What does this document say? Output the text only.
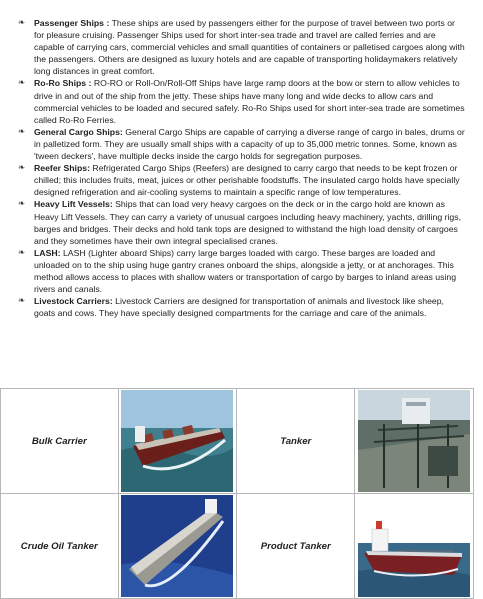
❧ Passenger Ships : These ships are used by passengers either for the purpose of travel between two ports or for pleasure cruising. Passenger Ships used for short inter-sea trade and travel are called ferries and are capable of carrying cars, commercial vehicles and small quantities of containers or palletised cargoes along with the passengers. Others are designed as luxury hotels and are capable of transporting holidaymakers relatively long distances in great comfort.
❧ Ro-Ro Ships : RO-RO or Roll-On/Roll-Off Ships have large ramp doors at the bow or stern to allow vehicles to drive in and out of the ship from the jetty. These ships have many long and wide decks to allow cars and commercial vehicles to be loaded and secured safely. Ro-Ro Ships used for short inter-sea trade are sometimes called Ro-Ro Ferries.
❧ General Cargo Ships: General Cargo Ships are capable of carrying a diverse range of cargo in bales, drums or in palletized form. They are usually small ships with a capacity of up to 35,000 metric tonnes. Some, known as 'tween deckers', have multiple decks inside the cargo holds for segregation purposes.
❧ Reefer Ships: Refrigerated Cargo Ships (Reefers) are designed to carry cargo that needs to be kept frozen or chilled; this includes fruits, meat, juices or other perishable foodstuffs. The insulated cargo holds have specially designed refrigeration and air-cooling systems to maintain a specific range of low temperatures.
❧ Heavy Lift Vessels: Ships that can load very heavy cargoes on the deck or in the cargo hold are known as Heavy Lift Vessels. They can carry a variety of unusual cargoes including heavy machinery, yachts, drilling rigs, barges and bridges. Their decks and hold tank tops are designed to withstand the high load density of cargoes and they sometimes have their own integral specialised cranes.
❧ LASH: LASH (Lighter aboard Ships) carry large barges loaded with cargo. These barges are loaded and unloaded on to the ship using huge gantry cranes onboard the ships, alongside a jetty, or at anchorages. This method allows access to places with shallow waters or transportation of cargo by barges to inland areas using rivers and canals.
❧ Livestock Carriers: Livestock Carriers are designed for transportation of animals and livestock like sheep, goats and cows. They have specially designed compartments for the carriage and care of the animals.
Bulk Carrier		Tanker	

Crude Oil Tanker		Product Tanker	
